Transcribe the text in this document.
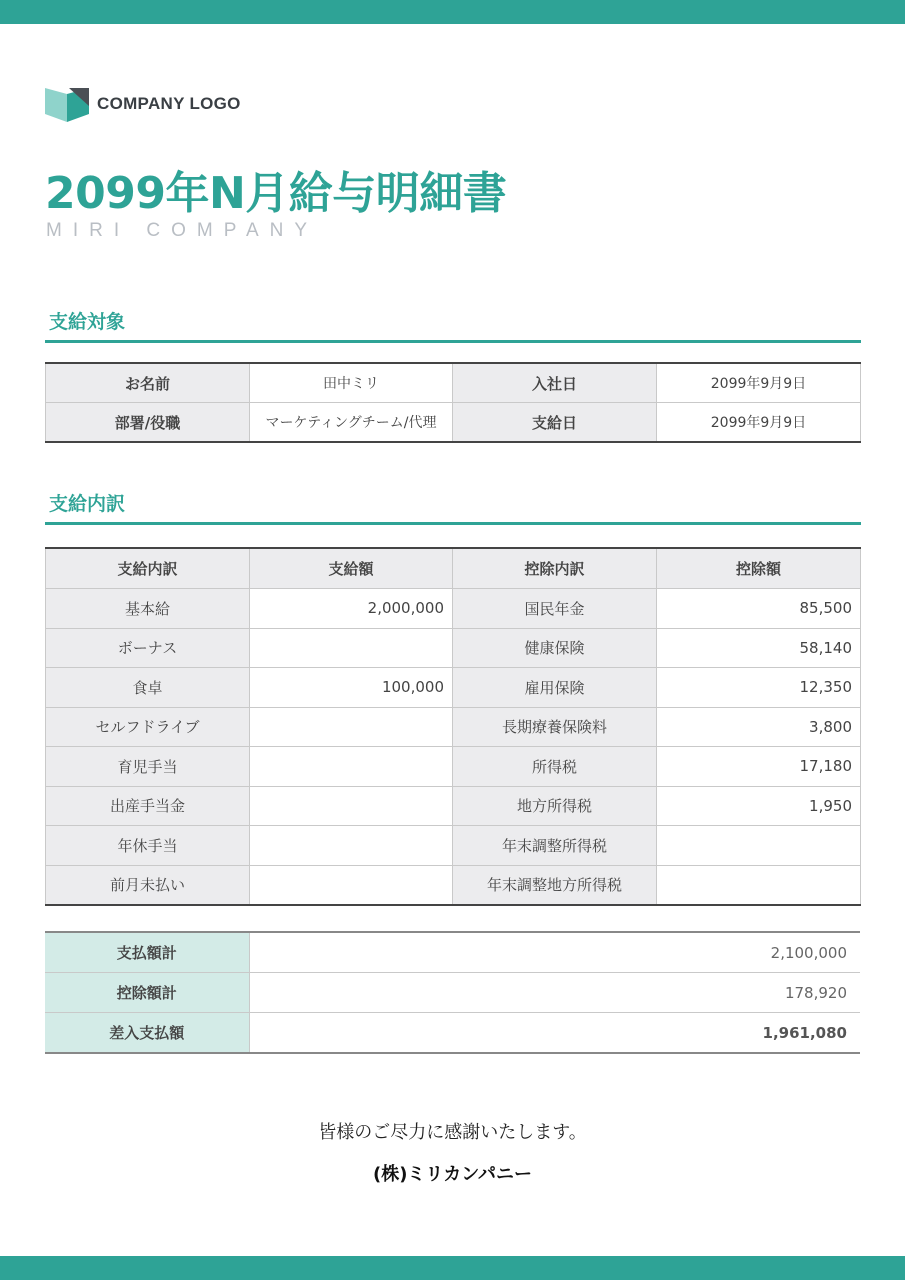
COMPANY LOGO
2099年N月給与明細書
MIRI COMPANY
支給対象
お名前	田中ミリ	入社日	2099年9月9日
部署/役職	マーケティングチーム/代理	支給日	2099年9月9日
支給内訳
支給内訳	支給額	控除内訳	控除額
基本給	2,000,000	国民年金	85,500
ボーナス		健康保険	58,140
食卓	100,000	雇用保険	12,350
セルフドライブ		長期療養保険料	3,800
育児手当		所得税	17,180
出産手当金		地方所得税	1,950
年休手当		年末調整所得税	
前月未払い		年末調整地方所得税	
支払額計	2,100,000
控除額計	178,920
差入支払額	1,961,080
皆様のご尽力に感謝いたします。
(株)ミリカンパニー
